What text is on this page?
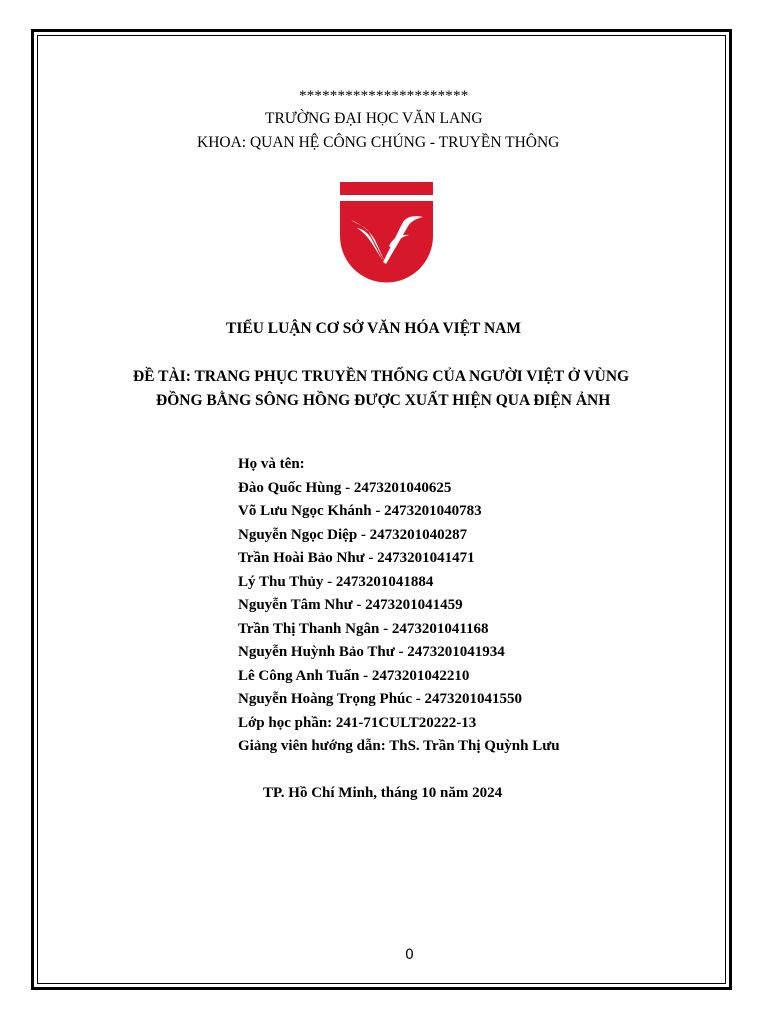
**********************
TRƯỜNG ĐẠI HỌC VĂN LANG
KHOA: QUAN HỆ CÔNG CHÚNG - TRUYỀN THÔNG
TIỂU LUẬN CƠ SỞ VĂN HÓA VIỆT NAM
ĐỀ TÀI: TRANG PHỤC TRUYỀN THỐNG CỦA NGƯỜI VIỆT Ở VÙNG
ĐỒNG BẰNG SÔNG HỒNG ĐƯỢC XUẤT HIỆN QUA ĐIỆN ẢNH
Họ và tên:
Đào Quốc Hùng - 2473201040625
Võ Lưu Ngọc Khánh - 2473201040783
Nguyễn Ngọc Diệp - 2473201040287
Trần Hoài Bảo Như - 2473201041471
Lý Thu Thủy - 2473201041884
Nguyễn Tâm Như - 2473201041459
Trần Thị Thanh Ngân - 2473201041168
Nguyễn Huỳnh Bảo Thư - 2473201041934
Lê Công Anh Tuấn - 2473201042210
Nguyễn Hoàng Trọng Phúc - 2473201041550
Lớp học phần: 241-71CULT20222-13
Giảng viên hướng dẫn: ThS. Trần Thị Quỳnh Lưu
TP. Hồ Chí Minh, tháng 10 năm 2024
0
